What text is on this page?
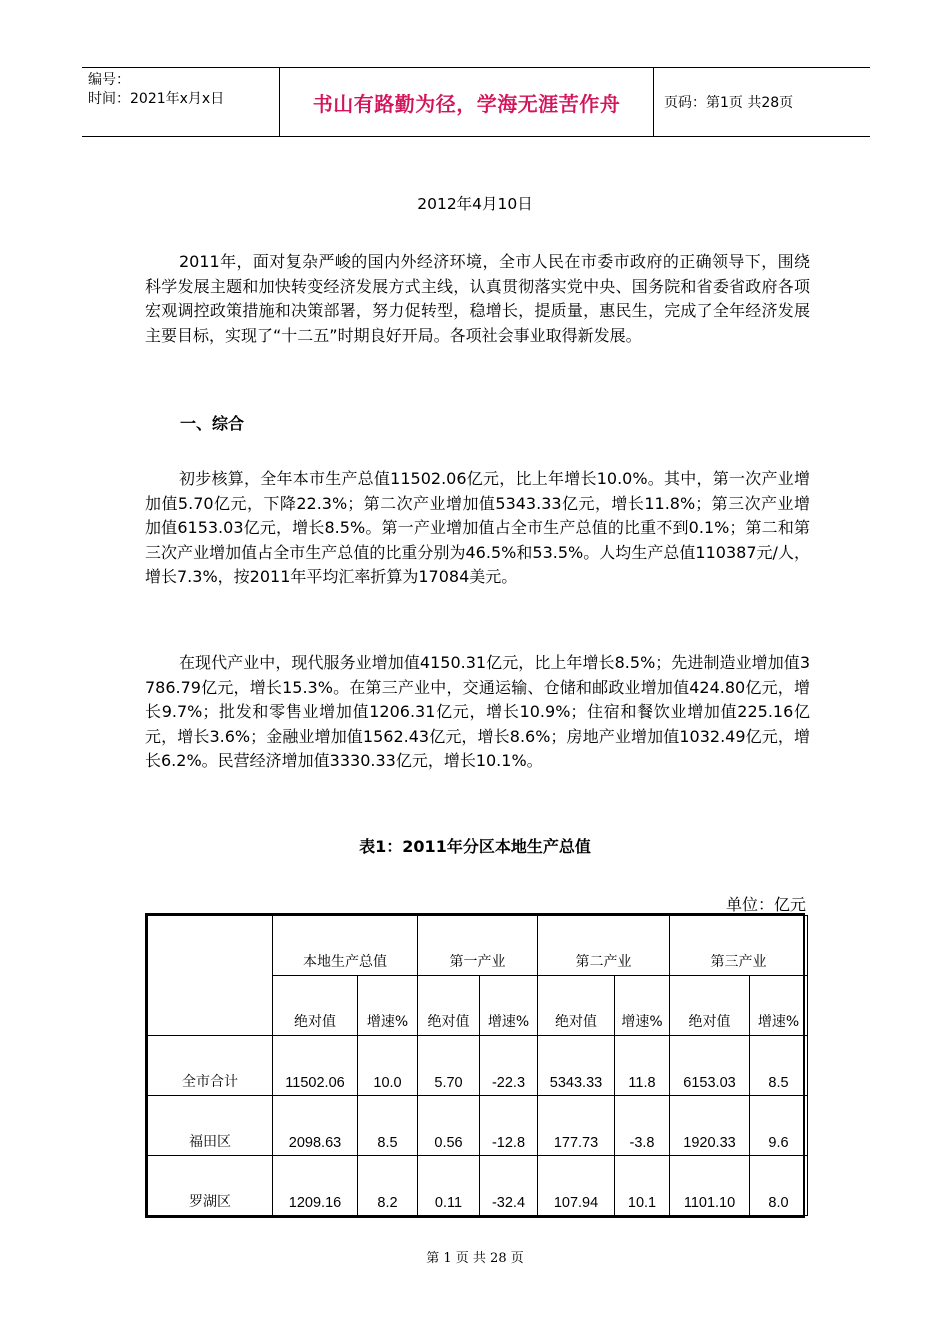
编号：
时间：2021年x月x日	书山有路勤为径，学海无涯苦作舟	页码：第1页 共28页
2012年4月10日
2011年，面对复杂严峻的国内外经济环境，全市人民在市委市政府的正确领导下，围绕科学发展主题和加快转变经济发展方式主线，认真贯彻落实党中央、国务院和省委省政府各项宏观调控政策措施和决策部署，努力促转型，稳增长，提质量，惠民生，完成了全年经济发展主要目标，实现了“十二五”时期良好开局。各项社会事业取得新发展。
一、综合
初步核算，全年本市生产总值11502.06亿元，比上年增长10.0%。其中，第一次产业增加值5.70亿元，下降22.3%；第二次产业增加值5343.33亿元，增长11.8%；第三次产业增加值6153.03亿元，增长8.5%。第一产业增加值占全市生产总值的比重不到0.1%；第二和第三次产业增加值占全市生产总值的比重分别为46.5%和53.5%。人均生产总值110387元/人，增长7.3%，按2011年平均汇率折算为17084美元。
在现代产业中，现代服务业增加值4150.31亿元，比上年增长8.5%；先进制造业增加值3786.79亿元，增长15.3%。在第三产业中，交通运输、仓储和邮政业增加值424.80亿元，增长9.7%；批发和零售业增加值1206.31亿元，增长10.9%；住宿和餐饮业增加值225.16亿元，增长3.6%；金融业增加值1562.43亿元，增长8.6%；房地产业增加值1032.49亿元，增长6.2%。民营经济增加值3330.33亿元，增长10.1%。
表1：2011年分区本地生产总值
单位：亿元
	本地生产总值		第一产业		第二产业		第三产业	
	绝对值	增速%	绝对值	增速%	绝对值	增速%	绝对值	增速%
全市合计	11502.06	10.0	5.70	-22.3	5343.33	11.8	6153.03	8.5
福田区	2098.63	8.5	0.56	-12.8	177.73	-3.8	1920.33	9.6
罗湖区	1209.16	8.2	0.11	-32.4	107.94	10.1	1101.10	8.0
第 1 页 共 28 页
